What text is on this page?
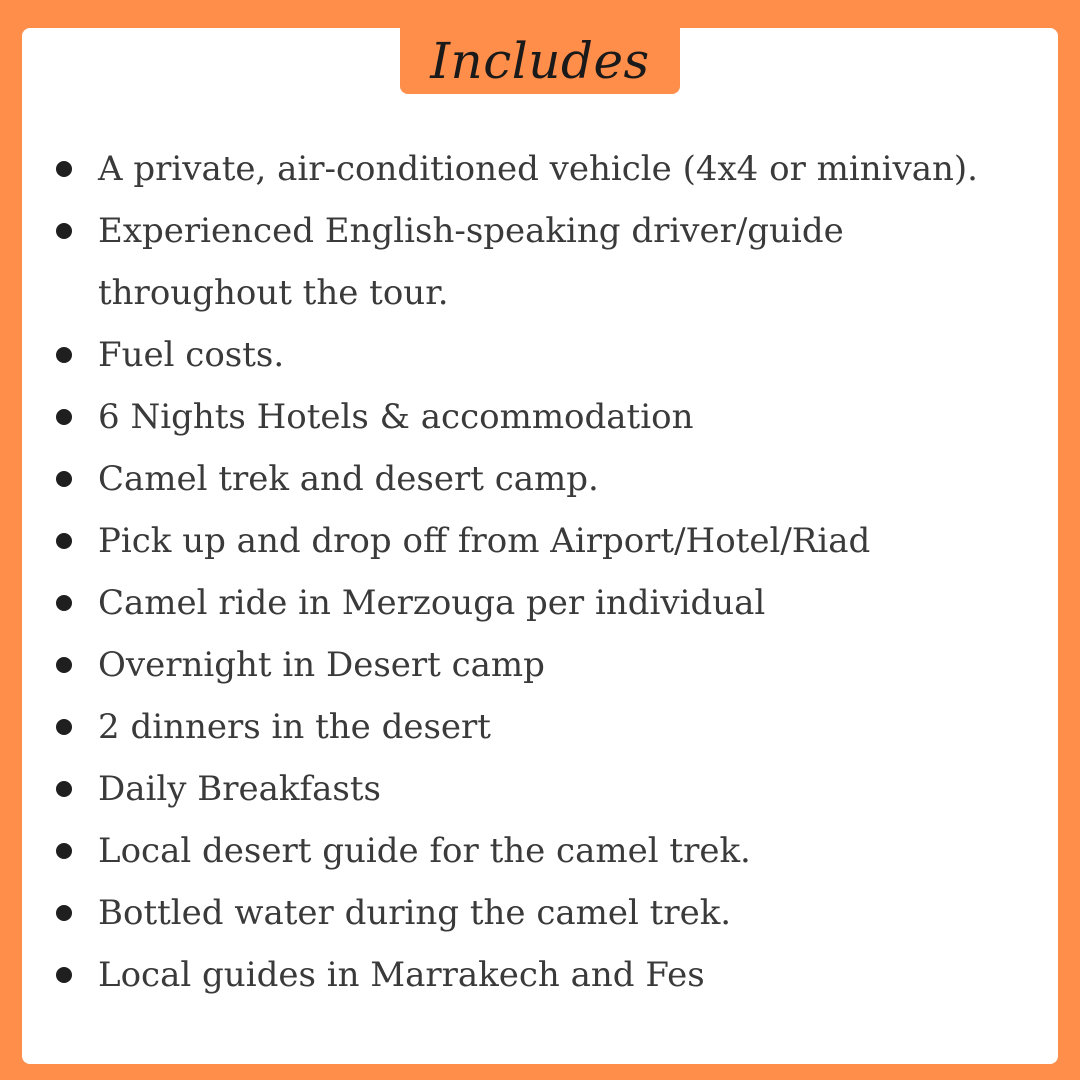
Includes
A private, air-conditioned vehicle (4x4 or minivan).
Experienced English-speaking driver/guide throughout the tour.
Fuel costs.
6 Nights Hotels & accommodation
Camel trek and desert camp.
Pick up and drop off from Airport/Hotel/Riad
Camel ride in Merzouga per individual
Overnight in Desert camp
2 dinners in the desert
Daily Breakfasts
Local desert guide for the camel trek.
Bottled water during the camel trek.
Local guides in Marrakech and Fes
